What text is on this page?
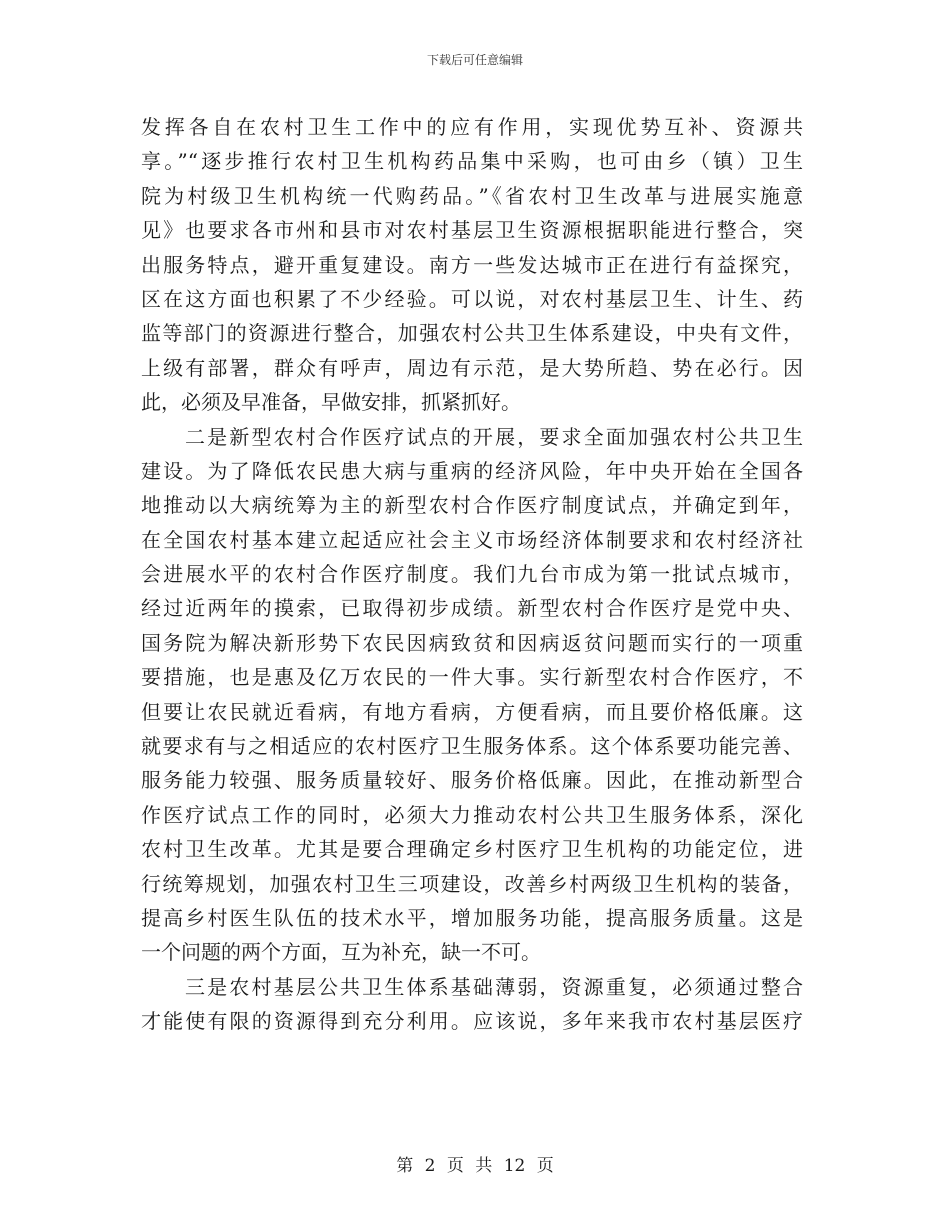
下载后可任意编辑
发挥各自在农村卫生工作中的应有作用，实现优势互补、资源共
享。”“逐步推行农村卫生机构药品集中采购，也可由乡（镇）卫生
院为村级卫生机构统一代购药品。”《省农村卫生改革与进展实施意
见》也要求各市州和县市对农村基层卫生资源根据职能进行整合，突
出服务特点，避开重复建设。南方一些发达城市正在进行有益探究，
区在这方面也积累了不少经验。可以说，对农村基层卫生、计生、药
监等部门的资源进行整合，加强农村公共卫生体系建设，中央有文件，
上级有部署，群众有呼声，周边有示范，是大势所趋、势在必行。因
此，必须及早准备，早做安排，抓紧抓好。
二是新型农村合作医疗试点的开展，要求全面加强农村公共卫生
建设。为了降低农民患大病与重病的经济风险，年中央开始在全国各
地推动以大病统筹为主的新型农村合作医疗制度试点，并确定到年，
在全国农村基本建立起适应社会主义市场经济体制要求和农村经济社
会进展水平的农村合作医疗制度。我们九台市成为第一批试点城市，
经过近两年的摸索，已取得初步成绩。新型农村合作医疗是党中央、
国务院为解决新形势下农民因病致贫和因病返贫问题而实行的一项重
要措施，也是惠及亿万农民的一件大事。实行新型农村合作医疗，不
但要让农民就近看病，有地方看病，方便看病，而且要价格低廉。这
就要求有与之相适应的农村医疗卫生服务体系。这个体系要功能完善、
服务能力较强、服务质量较好、服务价格低廉。因此，在推动新型合
作医疗试点工作的同时，必须大力推动农村公共卫生服务体系，深化
农村卫生改革。尤其是要合理确定乡村医疗卫生机构的功能定位，进
行统筹规划，加强农村卫生三项建设，改善乡村两级卫生机构的装备，
提高乡村医生队伍的技术水平，增加服务功能，提高服务质量。这是
一个问题的两个方面，互为补充，缺一不可。
三是农村基层公共卫生体系基础薄弱，资源重复，必须通过整合
才能使有限的资源得到充分利用。应该说，多年来我市农村基层医疗
第 2 页 共 12 页
